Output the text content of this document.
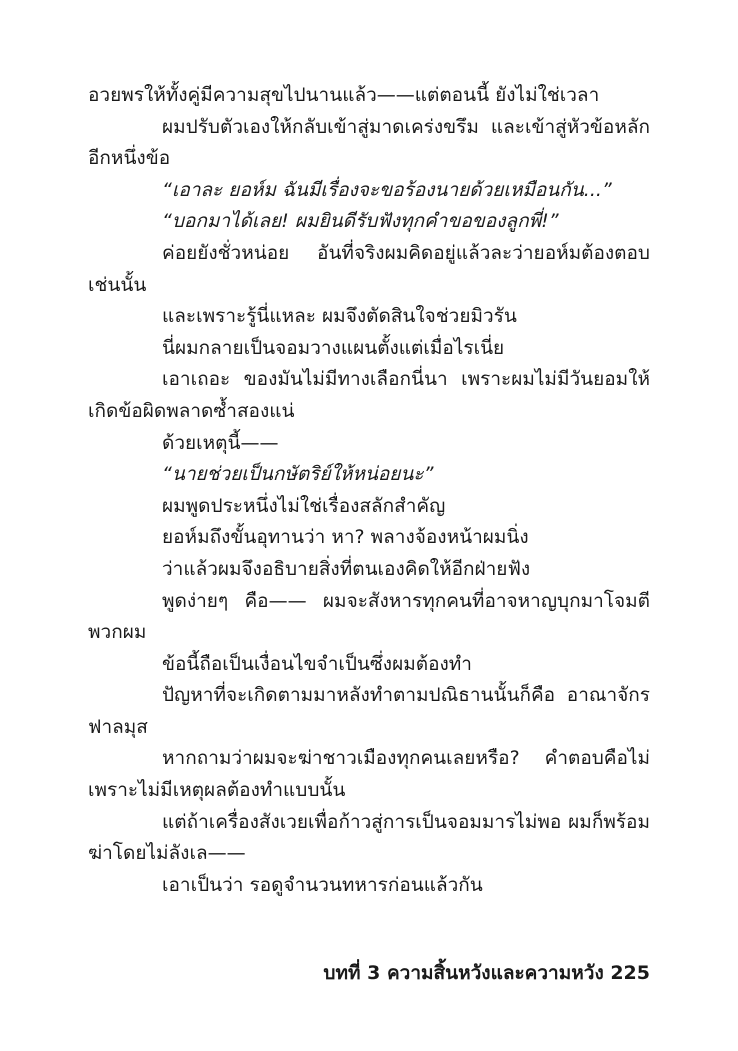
อวยพรให้ทั้งคู่มีความสุขไปนานแล้ว——แต่ตอนนี้ ยังไม่ใช่เวลา

ผมปรับตัวเองให้กลับเข้าสู่มาดเคร่งขรึม และเข้าสู่หัวข้อหลักอีกหนึ่งข้อ

“เอาละ ยอห์ม ฉันมีเรื่องจะขอร้องนายด้วยเหมือนกัน...”

“บอกมาได้เลย! ผมยินดีรับฟังทุกคำขอของลูกพี่!”

ค่อยยังชั่วหน่อย อันที่จริงผมคิดอยู่แล้วละว่ายอห์มต้องตอบเช่นนั้น

และเพราะรู้นี่แหละ ผมจึงตัดสินใจช่วยมิวรัน

นี่ผมกลายเป็นจอมวางแผนตั้งแต่เมื่อไรเนี่ย

เอาเถอะ ของมันไม่มีทางเลือกนี่นา เพราะผมไม่มีวันยอมให้เกิดข้อผิดพลาดซ้ำสองแน่

ด้วยเหตุนี้——

“นายช่วยเป็นกษัตริย์ให้หน่อยนะ”

ผมพูดประหนึ่งไม่ใช่เรื่องสลักสำคัญ

ยอห์มถึงขั้นอุทานว่า หา? พลางจ้องหน้าผมนิ่ง

ว่าแล้วผมจึงอธิบายสิ่งที่ตนเองคิดให้อีกฝ่ายฟัง

พูดง่ายๆ คือ—— ผมจะสังหารทุกคนที่อาจหาญบุกมาโจมตีพวกผม

ข้อนี้ถือเป็นเงื่อนไขจำเป็นซึ่งผมต้องทำ

ปัญหาที่จะเกิดตามมาหลังทำตามปณิธานนั้นก็คือ อาณาจักรฟาลมุส

หากถามว่าผมจะฆ่าชาวเมืองทุกคนเลยหรือ? คำตอบคือไม่ เพราะไม่มีเหตุผลต้องทำแบบนั้น

แต่ถ้าเครื่องสังเวยเพื่อก้าวสู่การเป็นจอมมารไม่พอ ผมก็พร้อมฆ่าโดยไม่ลังเล——

เอาเป็นว่า รอดูจำนวนทหารก่อนแล้วกัน

บทที่ 3 ความสิ้นหวังและความหวัง 225
